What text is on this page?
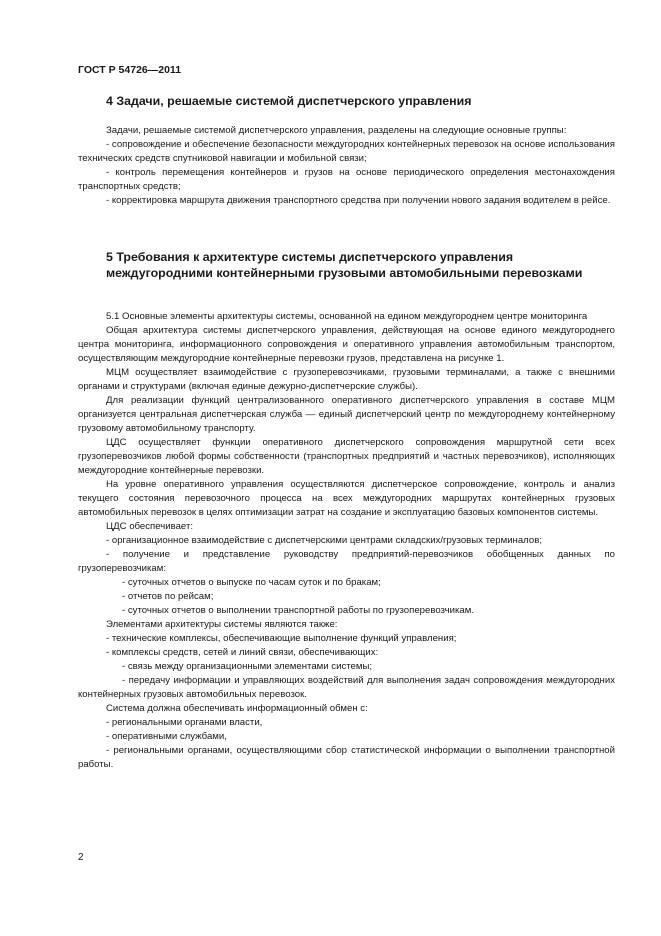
ГОСТ Р 54726—2011
4 Задачи, решаемые системой диспетчерского управления

Задачи, решаемые системой диспетчерского управления, разделены на следующие основные группы:

- сопровождение и обеспечение безопасности междугородних контейнерных перевозок на основе использования технических средств спутниковой навигации и мобильной связи;

- контроль перемещения контейнеров и грузов на основе периодического определения местонахождения транспортных средств;

- корректировка маршрута движения транспортного средства при получении нового задания водителем в рейсе.

5 Требования к архитектуре системы диспетчерского управления междугородними контейнерными грузовыми автомобильными перевозками

5.1 Основные элементы архитектуры системы, основанной на едином междугороднем центре мониторинга

Общая архитектура системы диспетчерского управления, действующая на основе единого междугороднего центра мониторинга, информационного сопровождения и оперативного управления автомобильным транспортом, осуществляющим междугородние контейнерные перевозки грузов, представлена на рисунке 1.

МЦМ осуществляет взаимодействие с грузоперевозчиками, грузовыми терминалами, а также с внешними органами и структурами (включая единые дежурно-диспетчерские службы).

Для реализации функций централизованного оперативного диспетчерского управления в составе МЦМ организуется центральная диспетчерская служба — единый диспетчерский центр по междугороднему контейнерному грузовому автомобильному транспорту.

ЦДС осуществляет функции оперативного диспетчерского сопровождения маршрутной сети всех грузоперевозчиков любой формы собственности (транспортных предприятий и частных перевозчиков), исполняющих междугородние контейнерные перевозки.

На уровне оперативного управления осуществляются диспетчерское сопровождение, контроль и анализ текущего состояния перевозочного процесса на всех междугородних маршрутах контейнерных грузовых автомобильных перевозок в целях оптимизации затрат на создание и эксплуатацию базовых компонентов системы.

ЦДС обеспечивает:

- организационное взаимодействие с диспетчерскими центрами складских/грузовых терминалов;

- получение и представление руководству предприятий-перевозчиков обобщенных данных по грузоперевозчикам:

- суточных отчетов о выпуске по часам суток и по бракам;

- отчетов по рейсам;

- суточных отчетов о выполнении транспортной работы по грузоперевозчикам.

Элементами архитектуры системы являются также:

- технические комплексы, обеспечивающие выполнение функций управления;

- комплексы средств, сетей и линий связи, обеспечивающих:

- связь между организационными элементами системы;

- передачу информации и управляющих воздействий для выполнения задач сопровождения междугородних контейнерных грузовых автомобильных перевозок.

Система должна обеспечивать информационный обмен с:

- региональными органами власти,

- оперативными службами,

- региональными органами, осуществляющими сбор статистической информации о выполнении транспортной работы.

2
